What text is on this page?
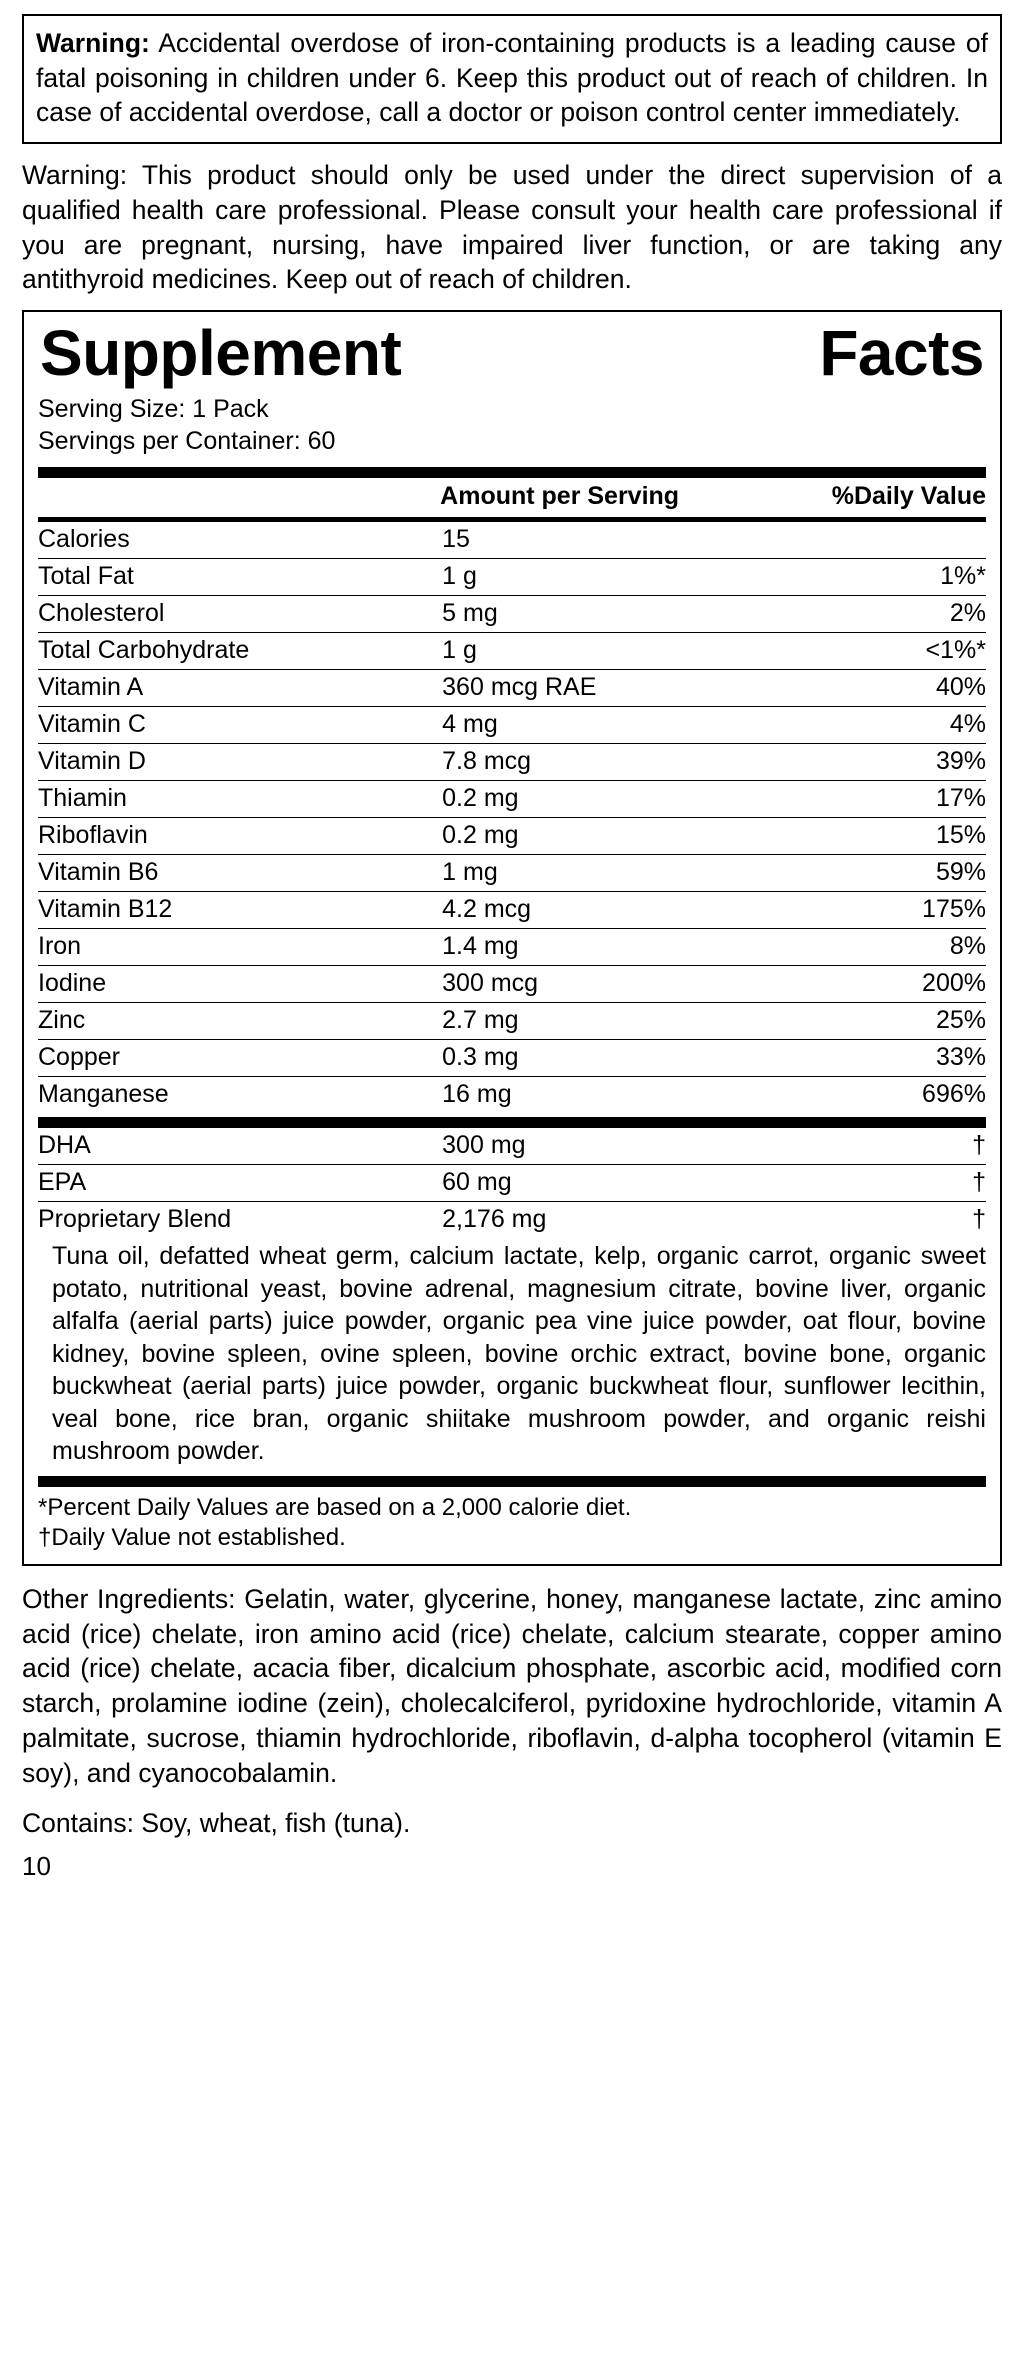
Warning: Accidental overdose of iron-containing products is a leading cause of fatal poisoning in children under 6. Keep this product out of reach of children. In case of accidental overdose, call a doctor or poison control center immediately.
Warning: This product should only be used under the direct supervision of a qualified health care professional. Please consult your health care professional if you are pregnant, nursing, have impaired liver function, or are taking any antithyroid medicines. Keep out of reach of children.
Supplement	Facts
Serving Size: 1 Pack
Servings per Container: 60
	Amount per Serving	%Daily Value
Calories	15	
Total Fat	1 g	1%*
Cholesterol	5 mg	2%
Total Carbohydrate	1 g	<1%*
Vitamin A	360 mcg RAE	40%
Vitamin C	4 mg	4%
Vitamin D	7.8 mcg	39%
Thiamin	0.2 mg	17%
Riboflavin	0.2 mg	15%
Vitamin B6	1 mg	59%
Vitamin B12	4.2 mcg	175%
Iron	1.4 mg	8%
Iodine	300 mcg	200%
Zinc	2.7 mg	25%
Copper	0.3 mg	33%
Manganese	16 mg	696%
DHA	300 mg	†
EPA	60 mg	†
Proprietary Blend	2,176 mg	†
Tuna oil, defatted wheat germ, calcium lactate, kelp, organic carrot, organic sweet potato, nutritional yeast, bovine adrenal, magnesium citrate, bovine liver, organic alfalfa (aerial parts) juice powder, organic pea vine juice powder, oat flour, bovine kidney, bovine spleen, ovine spleen, bovine orchic extract, bovine bone, organic buckwheat (aerial parts) juice powder, organic buckwheat flour, sunflower lecithin, veal bone, rice bran, organic shiitake mushroom powder, and organic reishi mushroom powder.
*Percent Daily Values are based on a 2,000 calorie diet.
†Daily Value not established.
Other Ingredients: Gelatin, water, glycerine, honey, manganese lactate, zinc amino acid (rice) chelate, iron amino acid (rice) chelate, calcium stearate, copper amino acid (rice) chelate, acacia fiber, dicalcium phosphate, ascorbic acid, modified corn starch, prolamine iodine (zein), cholecalciferol, pyridoxine hydrochloride, vitamin A palmitate, sucrose, thiamin hydrochloride, riboflavin, d-alpha tocopherol (vitamin E soy), and cyanocobalamin.
Contains: Soy, wheat, fish (tuna).
10
